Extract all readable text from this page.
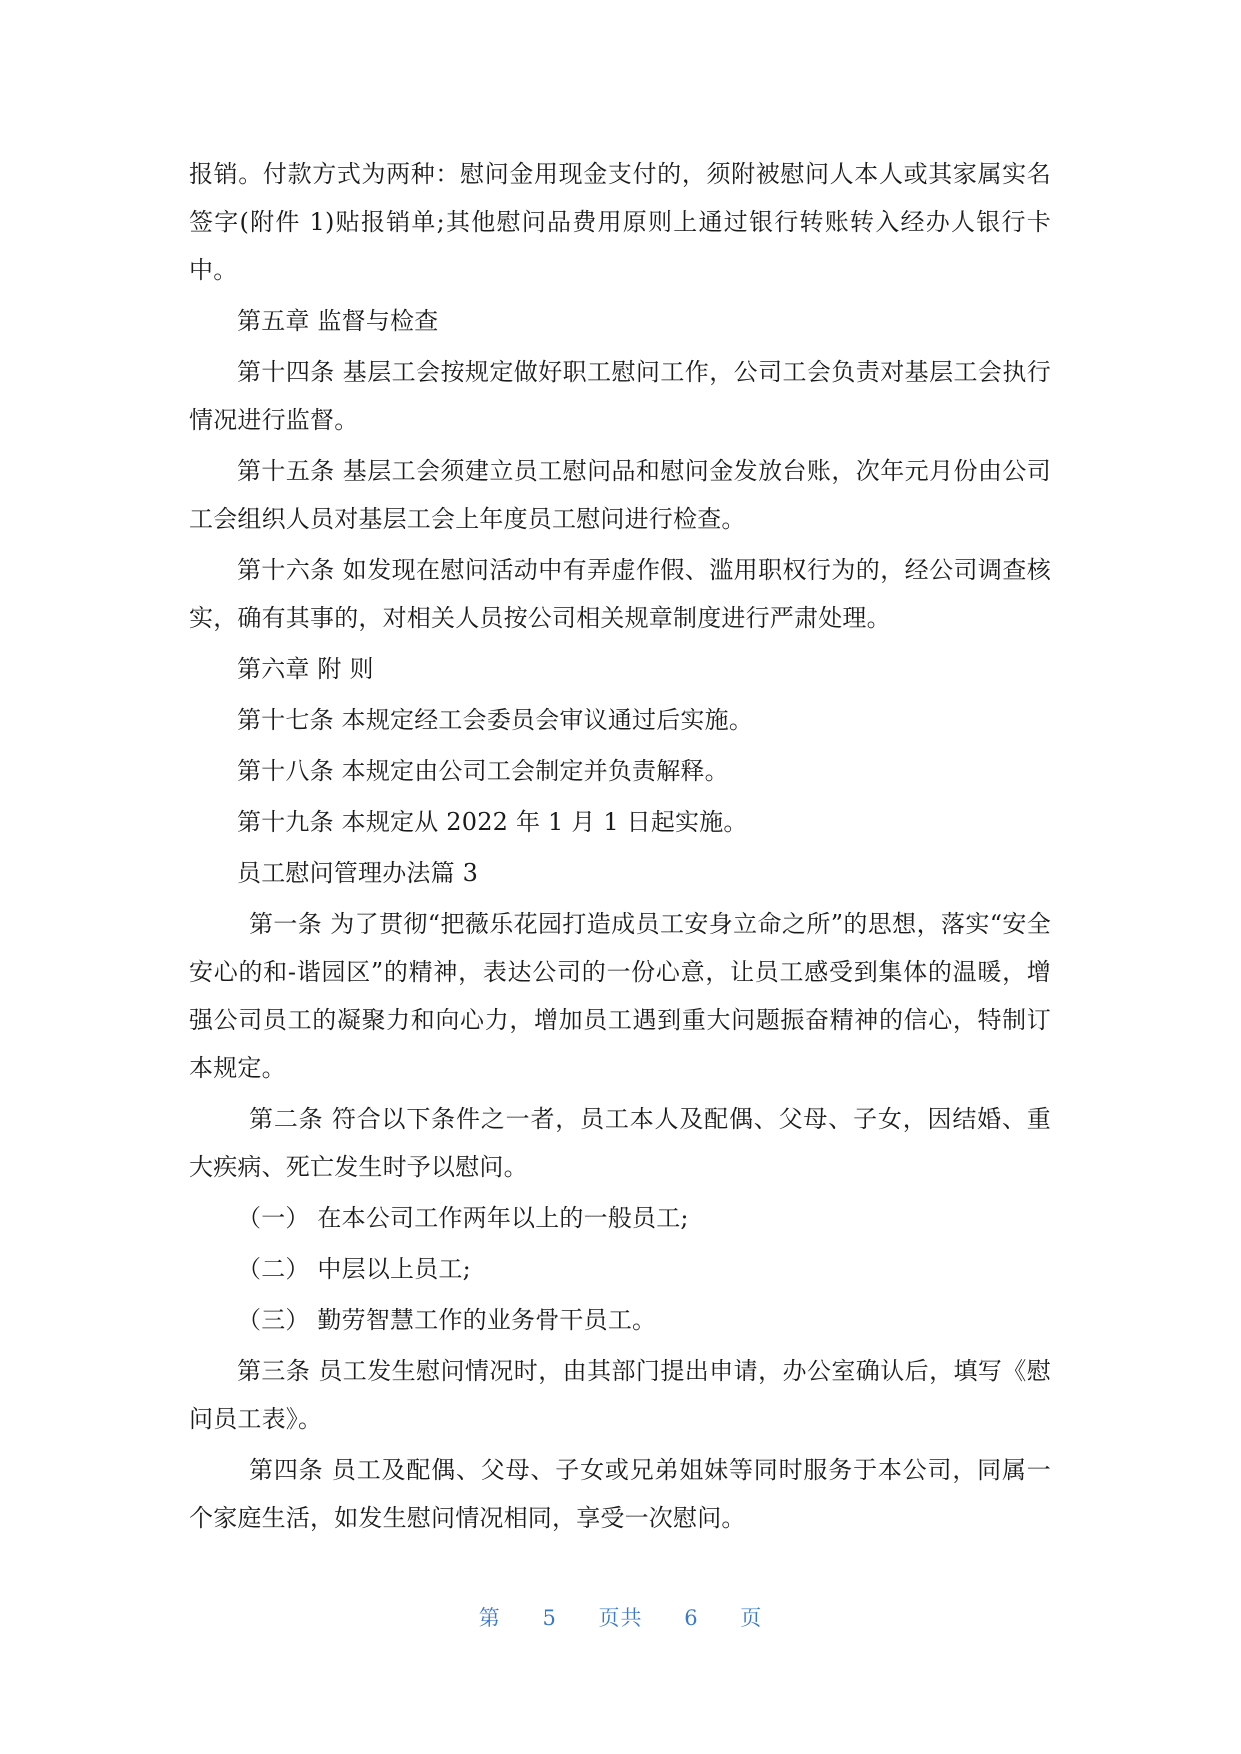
报销。付款方式为两种：慰问金用现金支付的，须附被慰问人本人或其家属实名签字(附件 1)贴报销单;其他慰问品费用原则上通过银行转账转入经办人银行卡中。

第五章 监督与检查

第十四条 基层工会按规定做好职工慰问工作，公司工会负责对基层工会执行情况进行监督。

第十五条 基层工会须建立员工慰问品和慰问金发放台账，次年元月份由公司工会组织人员对基层工会上年度员工慰问进行检查。

第十六条 如发现在慰问活动中有弄虚作假、滥用职权行为的，经公司调查核实，确有其事的，对相关人员按公司相关规章制度进行严肃处理。

第六章 附 则

第十七条 本规定经工会委员会审议通过后实施。

第十八条 本规定由公司工会制定并负责解释。

第十九条 本规定从 2022 年 1 月 1 日起实施。

员工慰问管理办法篇 3

第一条 为了贯彻“把薇乐花园打造成员工安身立命之所”的思想，落实“安全安心的和-谐园区”的精神，表达公司的一份心意，让员工感受到集体的温暖，增强公司员工的凝聚力和向心力，增加员工遇到重大问题振奋精神的信心，特制订本规定。

第二条 符合以下条件之一者，员工本人及配偶、父母、子女，因结婚、重大疾病、死亡发生时予以慰问。

（一） 在本公司工作两年以上的一般员工;

（二） 中层以上员工;

（三） 勤劳智慧工作的业务骨干员工。

第三条 员工发生慰问情况时，由其部门提出申请，办公室确认后，填写《慰问员工表》。

第四条 员工及配偶、父母、子女或兄弟姐妹等同时服务于本公司，同属一个家庭生活，如发生慰问情况相同，享受一次慰问。

第 5 页共 6 页
